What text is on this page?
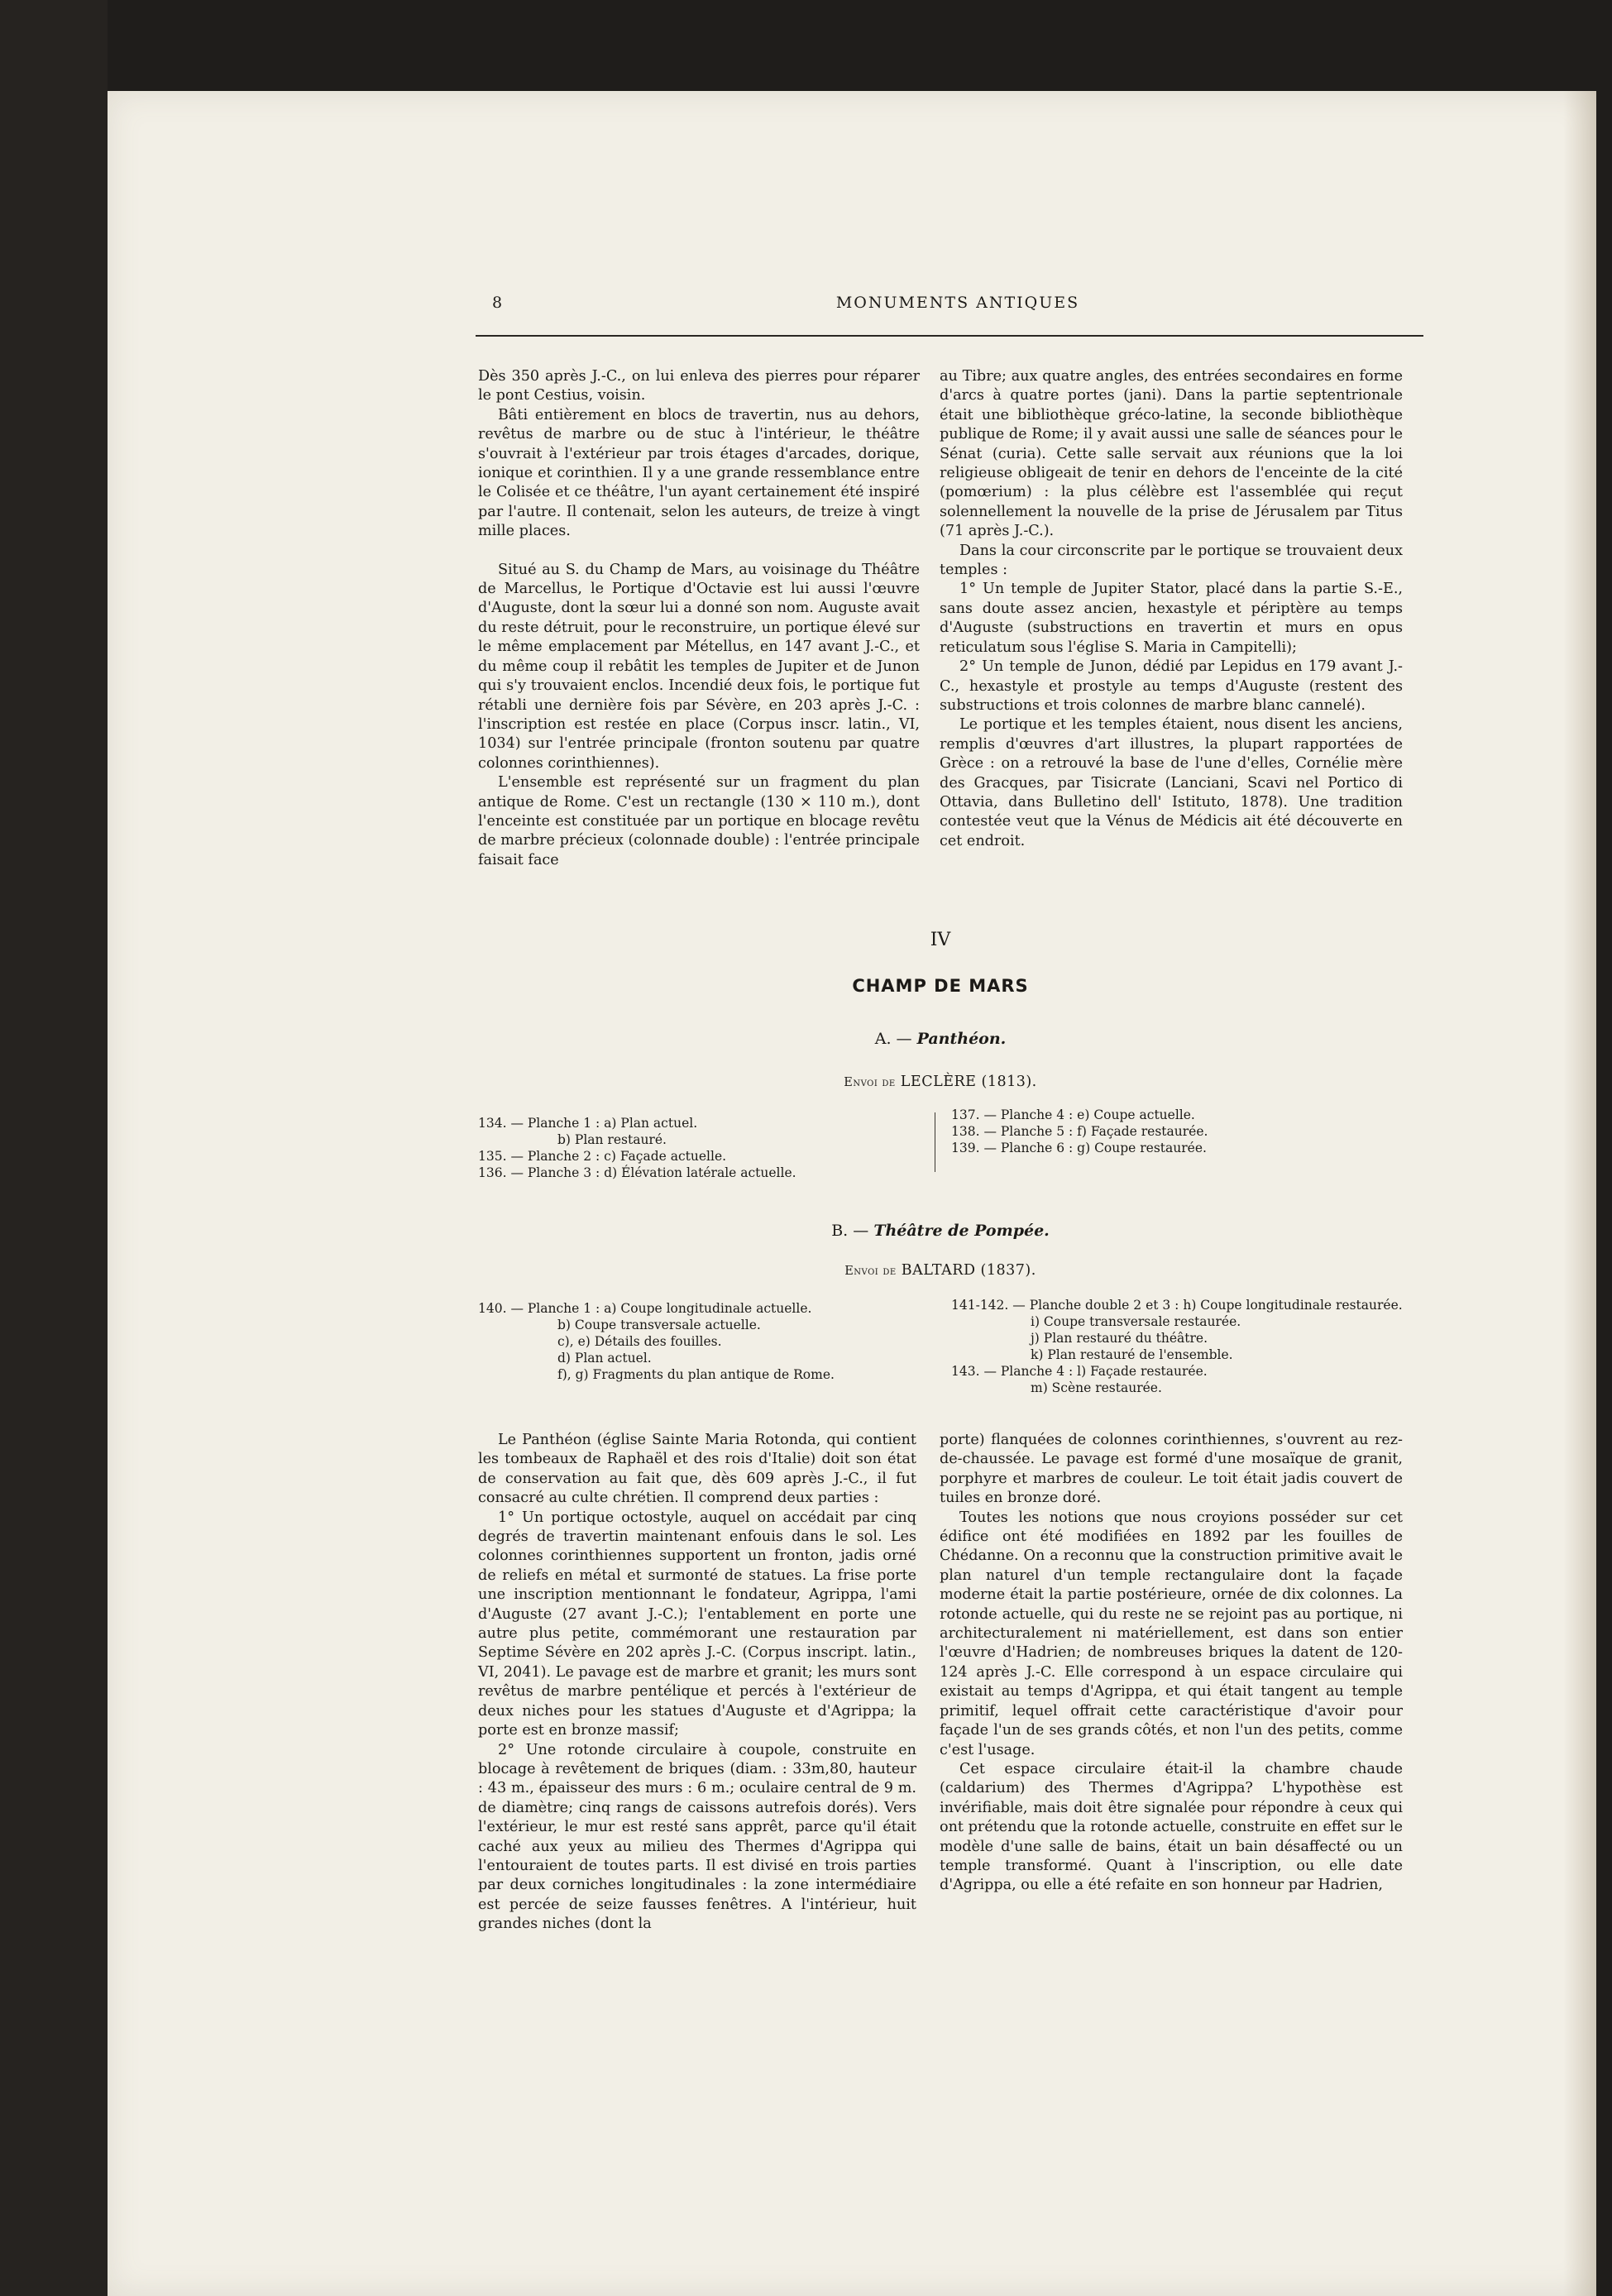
8	MONUMENTS ANTIQUES

Dès 350 après J.-C., on lui enleva des pierres pour réparer le pont Cestius, voisin.

Bâti entièrement en blocs de travertin, nus au dehors, revêtus de marbre ou de stuc à l'intérieur, le théâtre s'ouvrait à l'extérieur par trois étages d'arcades, dorique, ionique et corinthien. Il y a une grande ressemblance entre le Colisée et ce théâtre, l'un ayant certainement été inspiré par l'autre. Il contenait, selon les auteurs, de treize à vingt mille places.

Situé au S. du Champ de Mars, au voisinage du Théâtre de Marcellus, le Portique d'Octavie est lui aussi l'œuvre d'Auguste, dont la sœur lui a donné son nom. Auguste avait du reste détruit, pour le reconstruire, un portique élevé sur le même emplacement par Métellus, en 147 avant J.-C., et du même coup il rebâtit les temples de Jupiter et de Junon qui s'y trouvaient enclos. Incendié deux fois, le portique fut rétabli une dernière fois par Sévère, en 203 après J.-C. : l'inscription est restée en place (Corpus inscr. latin., VI, 1034) sur l'entrée principale (fronton soutenu par quatre colonnes corinthiennes).

L'ensemble est représenté sur un fragment du plan antique de Rome. C'est un rectangle (130 × 110 m.), dont l'enceinte est constituée par un portique en blocage revêtu de marbre précieux (colonnade double) : l'entrée principale faisait face

au Tibre; aux quatre angles, des entrées secondaires en forme d'arcs à quatre portes (jani). Dans la partie septentrionale était une bibliothèque gréco-latine, la seconde bibliothèque publique de Rome; il y avait aussi une salle de séances pour le Sénat (curia). Cette salle servait aux réunions que la loi religieuse obligeait de tenir en dehors de l'enceinte de la cité (pomœrium) : la plus célèbre est l'assemblée qui reçut solennellement la nouvelle de la prise de Jérusalem par Titus (71 après J.-C.).

Dans la cour circonscrite par le portique se trouvaient deux temples :

1° Un temple de Jupiter Stator, placé dans la partie S.-E., sans doute assez ancien, hexastyle et périptère au temps d'Auguste (substructions en travertin et murs en opus reticulatum sous l'église S. Maria in Campitelli);

2° Un temple de Junon, dédié par Lepidus en 179 avant J.-C., hexastyle et prostyle au temps d'Auguste (restent des substructions et trois colonnes de marbre blanc cannelé).

Le portique et les temples étaient, nous disent les anciens, remplis d'œuvres d'art illustres, la plupart rapportées de Grèce : on a retrouvé la base de l'une d'elles, Cornélie mère des Gracques, par Tisicrate (Lanciani, Scavi nel Portico di Ottavia, dans Bulletino dell' Istituto, 1878). Une tradition contestée veut que la Vénus de Médicis ait été découverte en cet endroit.

IV
CHAMP DE MARS
A. — Panthéon.
Envoi de LECLÈRE (1813).
134. — Planche 1 : a) Plan actuel.
b) Plan restauré.
135. — Planche 2 : c) Façade actuelle.
136. — Planche 3 : d) Élévation latérale actuelle.
137. — Planche 4 : e) Coupe actuelle.
138. — Planche 5 : f) Façade restaurée.
139. — Planche 6 : g) Coupe restaurée.
B. — Théâtre de Pompée.
Envoi de BALTARD (1837).
140. — Planche 1 : a) Coupe longitudinale actuelle.
b) Coupe transversale actuelle.
c), e) Détails des fouilles.
d) Plan actuel.
f), g) Fragments du plan antique de Rome.
141-142. — Planche double 2 et 3 : h) Coupe longitudinale restaurée.
i) Coupe transversale restaurée.
j) Plan restauré du théâtre.
k) Plan restauré de l'ensemble.
143. — Planche 4 : l) Façade restaurée.
m) Scène restaurée.

Le Panthéon (église Sainte Maria Rotonda, qui contient les tombeaux de Raphaël et des rois d'Italie) doit son état de conservation au fait que, dès 609 après J.-C., il fut consacré au culte chrétien. Il comprend deux parties :

1° Un portique octostyle, auquel on accédait par cinq degrés de travertin maintenant enfouis dans le sol. Les colonnes corinthiennes supportent un fronton, jadis orné de reliefs en métal et surmonté de statues. La frise porte une inscription mentionnant le fondateur, Agrippa, l'ami d'Auguste (27 avant J.-C.); l'entablement en porte une autre plus petite, commémorant une restauration par Septime Sévère en 202 après J.-C. (Corpus inscript. latin., VI, 2041). Le pavage est de marbre et granit; les murs sont revêtus de marbre pentélique et percés à l'extérieur de deux niches pour les statues d'Auguste et d'Agrippa; la porte est en bronze massif;

2° Une rotonde circulaire à coupole, construite en blocage à revêtement de briques (diam. : 33m,80, hauteur : 43 m., épaisseur des murs : 6 m.; oculaire central de 9 m. de diamètre; cinq rangs de caissons autrefois dorés). Vers l'extérieur, le mur est resté sans apprêt, parce qu'il était caché aux yeux au milieu des Thermes d'Agrippa qui l'entouraient de toutes parts. Il est divisé en trois parties par deux corniches longitudinales : la zone intermédiaire est percée de seize fausses fenêtres. A l'intérieur, huit grandes niches (dont la

porte) flanquées de colonnes corinthiennes, s'ouvrent au rez-de-chaussée. Le pavage est formé d'une mosaïque de granit, porphyre et marbres de couleur. Le toit était jadis couvert de tuiles en bronze doré.

Toutes les notions que nous croyions posséder sur cet édifice ont été modifiées en 1892 par les fouilles de Chédanne. On a reconnu que la construction primitive avait le plan naturel d'un temple rectangulaire dont la façade moderne était la partie postérieure, ornée de dix colonnes. La rotonde actuelle, qui du reste ne se rejoint pas au portique, ni architecturalement ni matériellement, est dans son entier l'œuvre d'Hadrien; de nombreuses briques la datent de 120-124 après J.-C. Elle correspond à un espace circulaire qui existait au temps d'Agrippa, et qui était tangent au temple primitif, lequel offrait cette caractéristique d'avoir pour façade l'un de ses grands côtés, et non l'un des petits, comme c'est l'usage.

Cet espace circulaire était-il la chambre chaude (caldarium) des Thermes d'Agrippa? L'hypothèse est invérifiable, mais doit être signalée pour répondre à ceux qui ont prétendu que la rotonde actuelle, construite en effet sur le modèle d'une salle de bains, était un bain désaffecté ou un temple transformé. Quant à l'inscription, ou elle date d'Agrippa, ou elle a été refaite en son honneur par Hadrien,
